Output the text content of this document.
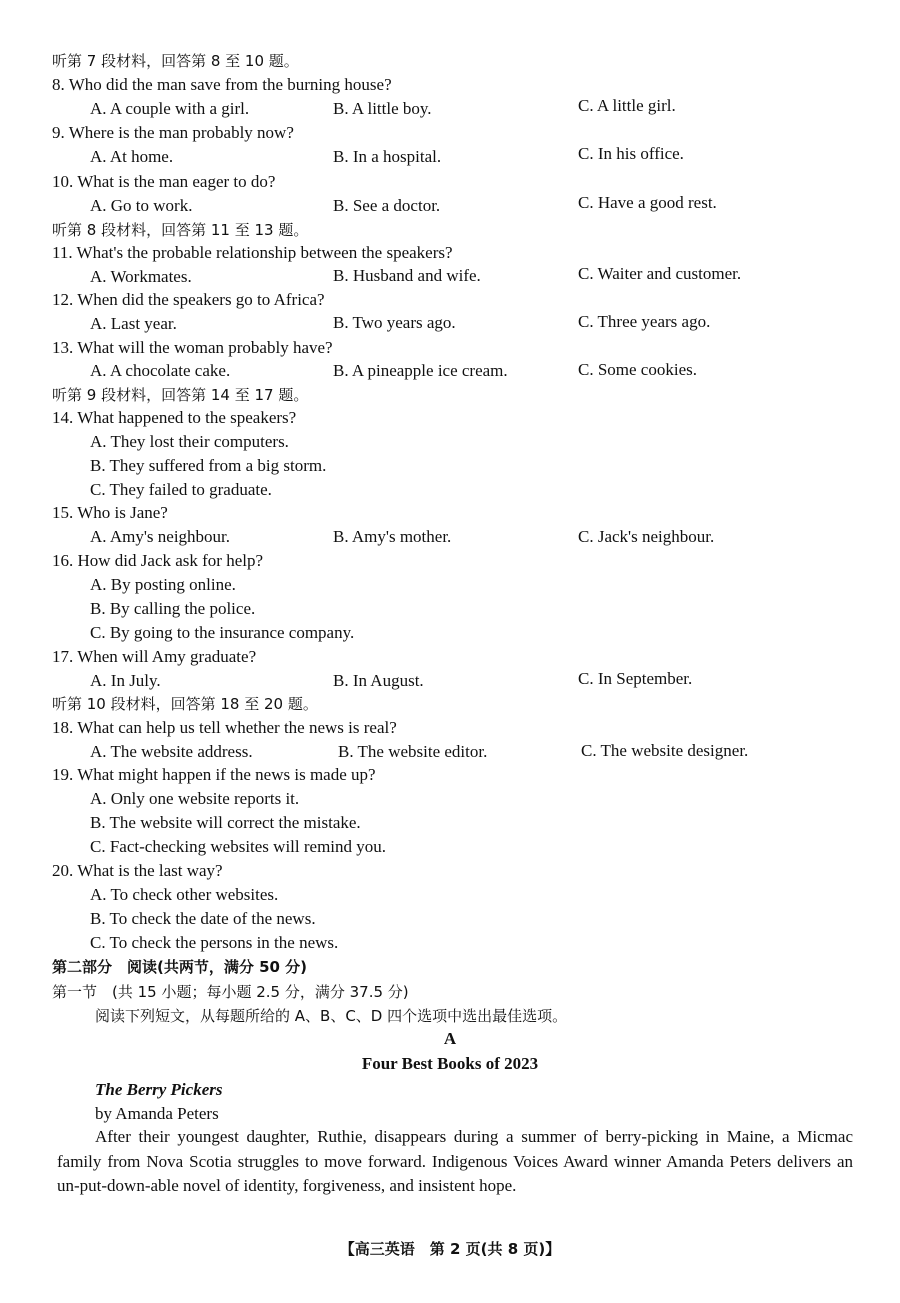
听第 7 段材料，回答第 8 至 10 题。
8. Who did the man save from the burning house?
A. A couple with a girl.	B. A little boy.	C. A little girl.
9. Where is the man probably now?
A. At home.	B. In a hospital.	C. In his office.
10. What is the man eager to do?
A. Go to work.	B. See a doctor.	C. Have a good rest.
听第 8 段材料，回答第 11 至 13 题。
11. What's the probable relationship between the speakers?
A. Workmates.	B. Husband and wife.	C. Waiter and customer.
12. When did the speakers go to Africa?
A. Last year.	B. Two years ago.	C. Three years ago.
13. What will the woman probably have?
A. A chocolate cake.	B. A pineapple ice cream.	C. Some cookies.
听第 9 段材料，回答第 14 至 17 题。
14. What happened to the speakers?
A. They lost their computers.
B. They suffered from a big storm.
C. They failed to graduate.
15. Who is Jane?
A. Amy's neighbour.	B. Amy's mother.	C. Jack's neighbour.
16. How did Jack ask for help?
A. By posting online.
B. By calling the police.
C. By going to the insurance company.
17. When will Amy graduate?
A. In July.	B. In August.	C. In September.
听第 10 段材料，回答第 18 至 20 题。
18. What can help us tell whether the news is real?
A. The website address.	B. The website editor.	C. The website designer.
19. What might happen if the news is made up?
A. Only one website reports it.
B. The website will correct the mistake.
C. Fact-checking websites will remind you.
20. What is the last way?
A. To check other websites.
B. To check the date of the news.
C. To check the persons in the news.
第二部分　阅读(共两节，满分 50 分)
第一节　(共 15 小题；每小题 2.5 分，满分 37.5 分)
阅读下列短文，从每题所给的 A、B、C、D 四个选项中选出最佳选项。
A
Four Best Books of 2023
The Berry Pickers
by Amanda Peters
After their youngest daughter, Ruthie, disappears during a summer of berry-picking in Maine, a Micmac family from Nova Scotia struggles to move forward. Indigenous Voices Award winner Amanda Peters delivers an un-put-down-able novel of identity, forgiveness, and insistent hope.
【高三英语　第 2 页(共 8 页)】
